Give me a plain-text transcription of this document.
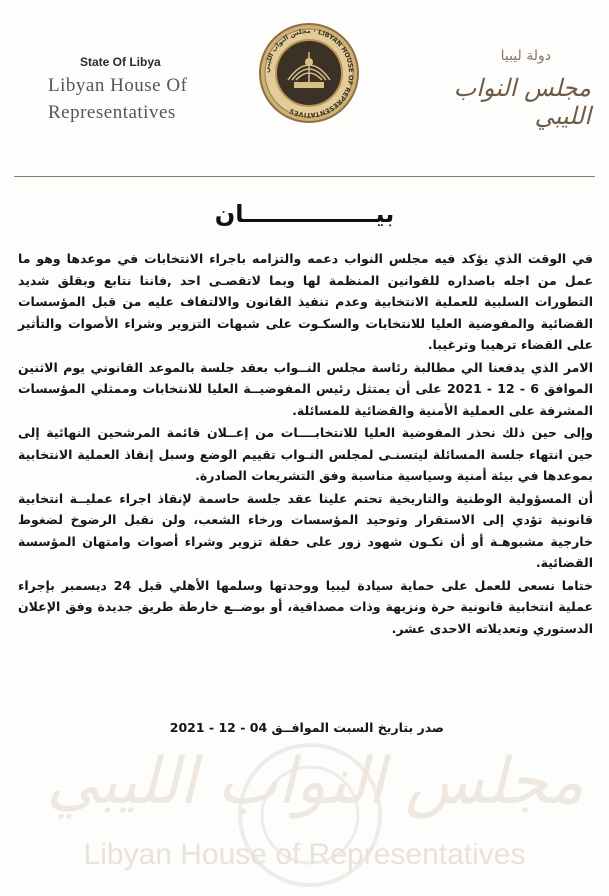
State Of Libya
Libyan House Of
Representatives
مجلس النواب الليبي · LIBYAN HOUSE OF REPRESENTATIVES
دولة ليبيا
مجلس النواب الليبي
بيــــــــــــــــان

في الوقت الذي يؤكد فيه مجلس النواب دعمه والتزامه باجراء الانتخابات في موعدها وهو ما عمل من اجله باصداره للقوانين المنظمة لها وبما لاتقصـى احد ,فاننا نتابع وبقلق شديد التطورات السلبية للعملية الانتخابية وعدم تنفيذ القانون والالتفاف عليه من قبل المؤسسات القضائية والمفوضية العليا للانتخابات والسكـوت على شبهات التزوير وشراء الأصوات والتأثير على القضاء ترهيبا وترغيبا.

الامر الذي يدفعنا الي مطالبة رئاسة مجلس النــواب بعقد جلسة بالموعد القانوني يوم الاثنين الموافق 6 - 12 - 2021 على أن يمتثل رئيس المفوضيــة العليا للانتخابات وممثلي المؤسسات المشرفة على العملية الأمنية والقضائية للمسائلة.

وإلى حين ذلك نحذر المفوضية العليا للانتخابــــات من إعــلان قائمة المرشحين النهائية إلى حين انتهاء جلسة المسائلة ليتسنـى لمجلس النـواب تقييم الوضع وسبل إنقاذ العملية الانتخابية بموعدها في بيئة أمنية وسياسية مناسبة وفق التشريعات الصادرة.

أن المسؤولية الوطنية والتاريخية تحتم علينا عقد جلسة حاسمة لإنقاذ اجراء عمليــة انتخابية قانونية تؤدي إلى الاستقرار وتوحيد المؤسسات ورخاء الشعب، ولن نقبل الرضوخ لضغوط خارجية مشبوهـة أو أن نكـون شهود زور على حفلة تزوير وشراء أصوات وامتهان المؤسسة القضائية.

ختاما نسعى للعمل على حماية سيادة ليبيا ووحدتها وسلمها الأهلي قبل 24 ديسمبر بإجراء عملية انتخابية قانونية حرة ونزيهة وذات مصداقية، أو بوضــع خارطة طريق جديدة وفق الإعلان الدستوري وتعديلاته الاحدى عشر.

صدر بتاريخ السبت الموافــق 04 - 12 - 2021
مجلس النواب الليبي
Libyan House of Representatives
